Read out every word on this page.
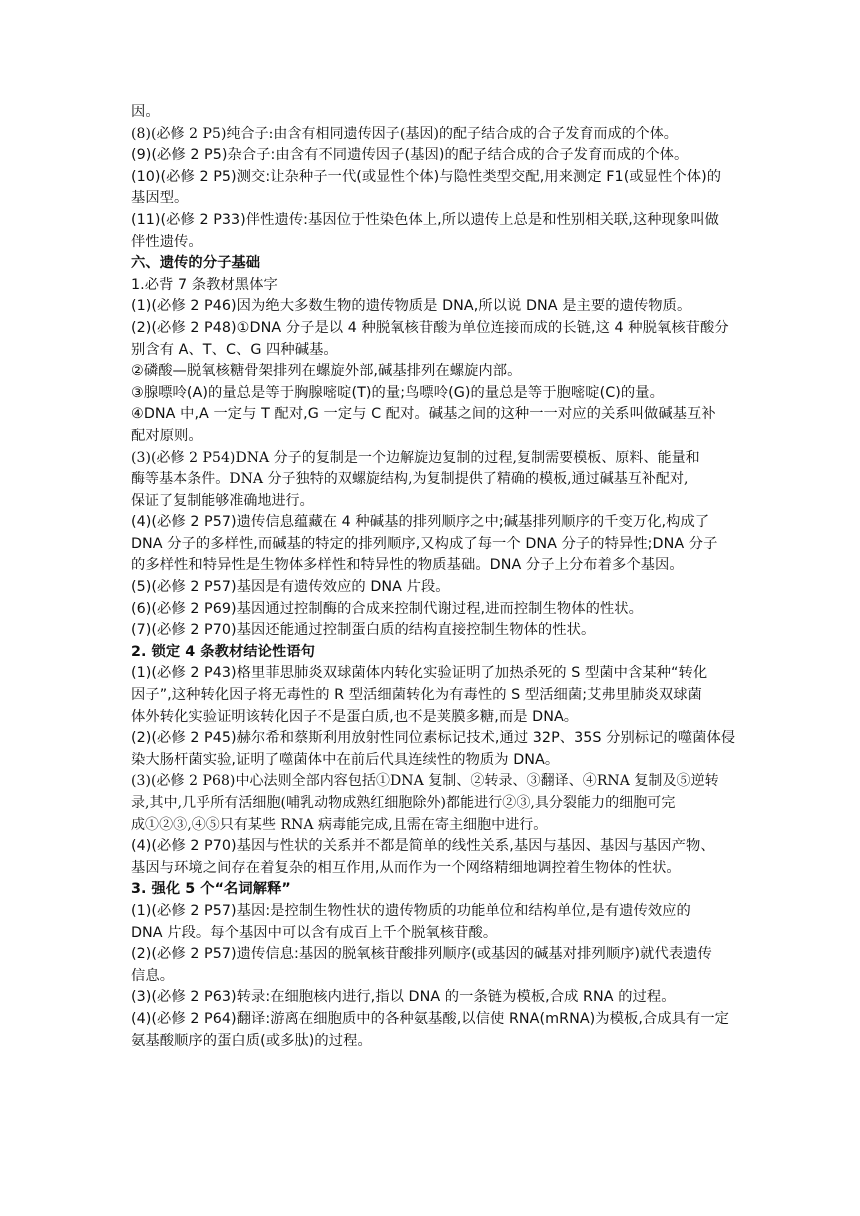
因。
(8)(必修 2 P5)纯合子:由含有相同遗传因子(基因)的配子结合成的合子发育而成的个体。
(9)(必修 2 P5)杂合子:由含有不同遗传因子(基因)的配子结合成的合子发育而成的个体。
(10)(必修 2 P5)测交:让杂种子一代(或显性个体)与隐性类型交配,用来测定 F1(或显性个体)的
基因型。
(11)(必修 2 P33)伴性遗传:基因位于性染色体上,所以遗传上总是和性别相关联,这种现象叫做
伴性遗传。
六、遗传的分子基础
1.必背 7 条教材黑体字
(1)(必修 2 P46)因为绝大多数生物的遗传物质是 DNA,所以说 DNA 是主要的遗传物质。
(2)(必修 2 P48)①DNA 分子是以 4 种脱氧核苷酸为单位连接而成的长链,这 4 种脱氧核苷酸分
别含有 A、T、C、G 四种碱基。
②磷酸—脱氧核糖骨架排列在螺旋外部,碱基排列在螺旋内部。
③腺嘌呤(A)的量总是等于胸腺嘧啶(T)的量;鸟嘌呤(G)的量总是等于胞嘧啶(C)的量。
④DNA 中,A 一定与 T 配对,G 一定与 C 配对。碱基之间的这种一一对应的关系叫做碱基互补
配对原则。
(3)(必修 2 P54)DNA 分子的复制是一个边解旋边复制的过程,复制需要模板、原料、能量和
酶等基本条件。DNA 分子独特的双螺旋结构,为复制提供了精确的模板,通过碱基互补配对,
保证了复制能够准确地进行。
(4)(必修 2 P57)遗传信息蕴藏在 4 种碱基的排列顺序之中;碱基排列顺序的千变万化,构成了
DNA 分子的多样性,而碱基的特定的排列顺序,又构成了每一个 DNA 分子的特异性;DNA 分子
的多样性和特异性是生物体多样性和特异性的物质基础。DNA 分子上分布着多个基因。
(5)(必修 2 P57)基因是有遗传效应的 DNA 片段。
(6)(必修 2 P69)基因通过控制酶的合成来控制代谢过程,进而控制生物体的性状。
(7)(必修 2 P70)基因还能通过控制蛋白质的结构直接控制生物体的性状。
2. 锁定 4 条教材结论性语句
(1)(必修 2 P43)格里菲思肺炎双球菌体内转化实验证明了加热杀死的 S 型菌中含某种“转化
因子”,这种转化因子将无毒性的 R 型活细菌转化为有毒性的 S 型活细菌;艾弗里肺炎双球菌
体外转化实验证明该转化因子不是蛋白质,也不是荚膜多糖,而是 DNA。
(2)(必修 2 P45)赫尔希和蔡斯利用放射性同位素标记技术,通过 32P、35S 分别标记的噬菌体侵
染大肠杆菌实验,证明了噬菌体中在前后代具连续性的物质为 DNA。
(3)(必修 2 P68)中心法则全部内容包括①DNA 复制、②转录、③翻译、④RNA 复制及⑤逆转
录,其中,几乎所有活细胞(哺乳动物成熟红细胞除外)都能进行②③,具分裂能力的细胞可完
成①②③,④⑤只有某些 RNA 病毒能完成,且需在寄主细胞中进行。
(4)(必修 2 P70)基因与性状的关系并不都是简单的线性关系,基因与基因、基因与基因产物、
基因与环境之间存在着复杂的相互作用,从而作为一个网络精细地调控着生物体的性状。
3. 强化 5 个“名词解释”
(1)(必修 2 P57)基因:是控制生物性状的遗传物质的功能单位和结构单位,是有遗传效应的
DNA 片段。每个基因中可以含有成百上千个脱氧核苷酸。
(2)(必修 2 P57)遗传信息:基因的脱氧核苷酸排列顺序(或基因的碱基对排列顺序)就代表遗传
信息。
(3)(必修 2 P63)转录:在细胞核内进行,指以 DNA 的一条链为模板,合成 RNA 的过程。
(4)(必修 2 P64)翻译:游离在细胞质中的各种氨基酸,以信使 RNA(mRNA)为模板,合成具有一定
氨基酸顺序的蛋白质(或多肽)的过程。
